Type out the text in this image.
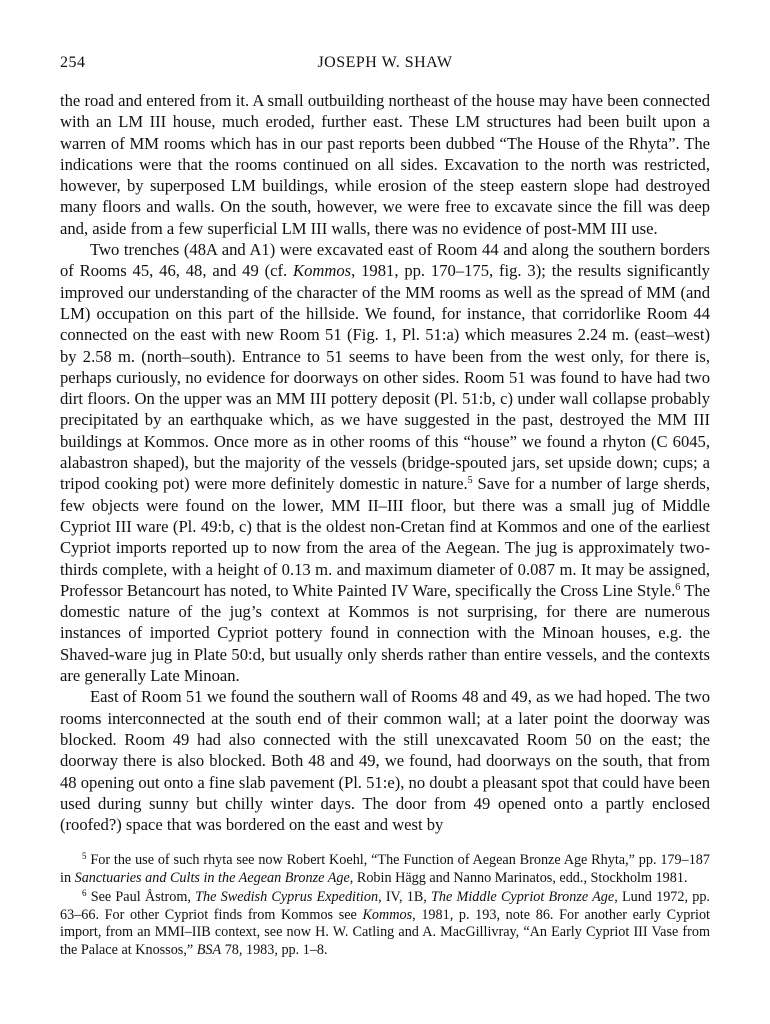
254	JOSEPH W. SHAW

the road and entered from it. A small outbuilding northeast of the house may have been connected with an LM III house, much eroded, further east. These LM structures had been built upon a warren of MM rooms which has in our past reports been dubbed “The House of the Rhyta”. The indications were that the rooms continued on all sides. Excavation to the north was restricted, however, by superposed LM buildings, while erosion of the steep eastern slope had destroyed many floors and walls. On the south, however, we were free to excavate since the fill was deep and, aside from a few superficial LM III walls, there was no evidence of post-MM III use.

Two trenches (48A and A1) were excavated east of Room 44 and along the southern borders of Rooms 45, 46, 48, and 49 (cf. Kommos, 1981, pp. 170–175, fig. 3); the results significantly improved our understanding of the character of the MM rooms as well as the spread of MM (and LM) occupation on this part of the hillside. We found, for instance, that corridorlike Room 44 connected on the east with new Room 51 (Fig. 1, Pl. 51:a) which measures 2.24 m. (east–west) by 2.58 m. (north–south). Entrance to 51 seems to have been from the west only, for there is, perhaps curiously, no evidence for doorways on other sides. Room 51 was found to have had two dirt floors. On the upper was an MM III pottery deposit (Pl. 51:b, c) under wall collapse probably precipitated by an earthquake which, as we have suggested in the past, destroyed the MM III buildings at Kommos. Once more as in other rooms of this “house” we found a rhyton (C 6045, alabastron shaped), but the majority of the vessels (bridge-spouted jars, set upside down; cups; a tripod cooking pot) were more definitely domestic in nature.$^5$ Save for a number of large sherds, few objects were found on the lower, MM II–III floor, but there was a small jug of Middle Cypriot III ware (Pl. 49:b, c) that is the oldest non-Cretan find at Kommos and one of the earliest Cypriot imports reported up to now from the area of the Aegean. The jug is approximately two-thirds complete, with a height of 0.13 m. and maximum diameter of 0.087 m. It may be assigned, Professor Betancourt has noted, to White Painted IV Ware, specifically the Cross Line Style.$^6$ The domestic nature of the jug’s context at Kommos is not surprising, for there are numerous instances of imported Cypriot pottery found in connection with the Minoan houses, e.g. the Shaved-ware jug in Plate 50:d, but usually only sherds rather than entire vessels, and the contexts are generally Late Minoan.

East of Room 51 we found the southern wall of Rooms 48 and 49, as we had hoped. The two rooms interconnected at the south end of their common wall; at a later point the doorway was blocked. Room 49 had also connected with the still unexcavated Room 50 on the east; the doorway there is also blocked. Both 48 and 49, we found, had doorways on the south, that from 48 opening out onto a fine slab pavement (Pl. 51:e), no doubt a pleasant spot that could have been used during sunny but chilly winter days. The door from 49 opened onto a partly enclosed (roofed?) space that was bordered on the east and west by

$^5$ For the use of such rhyta see now Robert Koehl, “The Function of Aegean Bronze Age Rhyta,” pp. 179–187 in Sanctuaries and Cults in the Aegean Bronze Age, Robin Hägg and Nanno Marinatos, edd., Stockholm 1981.

$^6$ See Paul Åstrom, The Swedish Cyprus Expedition, IV, 1B, The Middle Cypriot Bronze Age, Lund 1972, pp. 63–66. For other Cypriot finds from Kommos see Kommos, 1981, p. 193, note 86. For another early Cypriot import, from an MMI–IIB context, see now H. W. Catling and A. MacGillivray, “An Early Cypriot III Vase from the Palace at Knossos,” BSA 78, 1983, pp. 1–8.
